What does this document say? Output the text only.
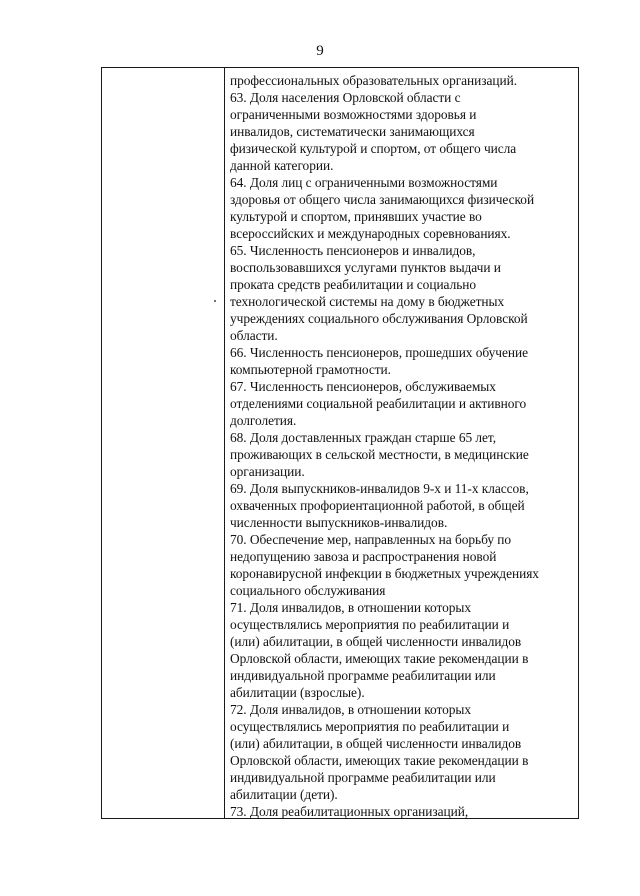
9
профессиональных образовательных организаций.
63. Доля населения Орловской области с
ограниченными возможностями здоровья и
инвалидов, систематически занимающихся
физической культурой и спортом, от общего числа
данной категории.
64. Доля лиц с ограниченными возможностями
здоровья от общего числа занимающихся физической
культурой и спортом, принявших участие во
всероссийских и международных соревнованиях.
65. Численность пенсионеров и инвалидов,
воспользовавшихся услугами пунктов выдачи и
проката средств реабилитации и социально
технологической системы на дому в бюджетных
учреждениях социального обслуживания Орловской
области.
66. Численность пенсионеров, прошедших обучение
компьютерной грамотности.
67. Численность пенсионеров, обслуживаемых
отделениями социальной реабилитации и активного
долголетия.
68. Доля доставленных граждан старше 65 лет,
проживающих в сельской местности, в медицинские
организации.
69. Доля выпускников-инвалидов 9-х и 11-х классов,
охваченных профориентационной работой, в общей
численности выпускников-инвалидов.
70. Обеспечение мер, направленных на борьбу по
недопущению завоза и распространения новой
коронавирусной инфекции в бюджетных учреждениях
социального обслуживания
71. Доля инвалидов, в отношении которых
осуществлялись мероприятия по реабилитации и
(или) абилитации, в общей численности инвалидов
Орловской области, имеющих такие рекомендации в
индивидуальной программе реабилитации или
абилитации (взрослые).
72. Доля инвалидов, в отношении которых
осуществлялись мероприятия по реабилитации и
(или) абилитации, в общей численности инвалидов
Орловской области, имеющих такие рекомендации в
индивидуальной программе реабилитации или
абилитации (дети).
73. Доля реабилитационных организаций,
